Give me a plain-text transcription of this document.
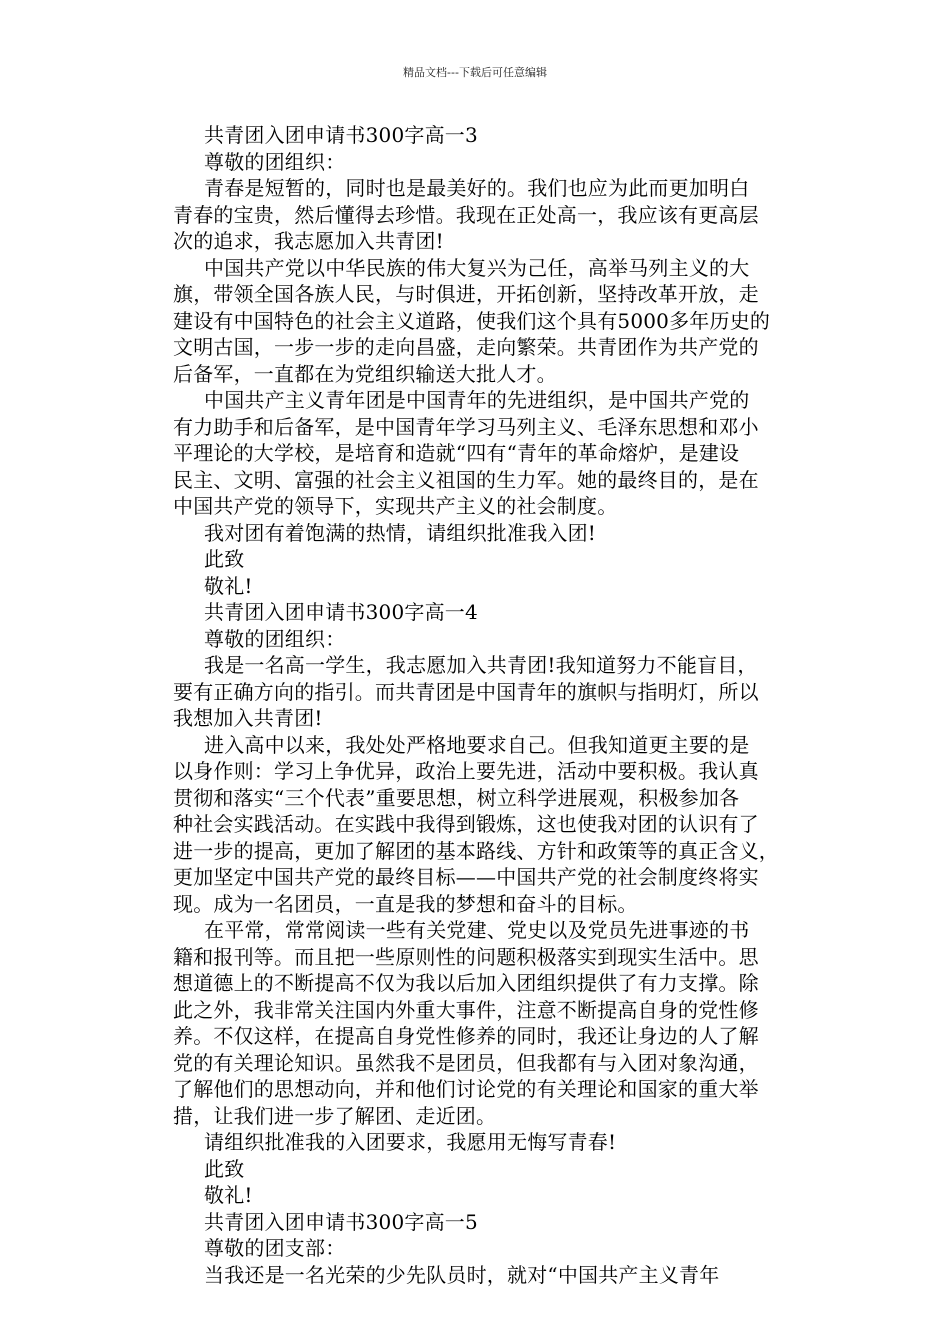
精品文档---下载后可任意编辑
共青团入团申请书300字高一3
尊敬的团组织：
青春是短暂的，同时也是最美好的。我们也应为此而更加明白
青春的宝贵，然后懂得去珍惜。我现在正处高一，我应该有更高层
次的追求，我志愿加入共青团!
中国共产党以中华民族的伟大复兴为己任，高举马列主义的大
旗，带领全国各族人民，与时俱进，开拓创新，坚持改革开放，走
建设有中国特色的社会主义道路，使我们这个具有5000多年历史的
文明古国，一步一步的走向昌盛，走向繁荣。共青团作为共产党的
后备军，一直都在为党组织输送大批人才。
中国共产主义青年团是中国青年的先进组织，是中国共产党的
有力助手和后备军，是中国青年学习马列主义、毛泽东思想和邓小
平理论的大学校，是培育和造就“四有“青年的革命熔炉，是建设
民主、文明、富强的社会主义祖国的生力军。她的最终目的，是在
中国共产党的领导下，实现共产主义的社会制度。
我对团有着饱满的热情，请组织批准我入团!
此致
敬礼!
共青团入团申请书300字高一4
尊敬的团组织：
我是一名高一学生，我志愿加入共青团!我知道努力不能盲目，
要有正确方向的指引。而共青团是中国青年的旗帜与指明灯，所以
我想加入共青团!
进入高中以来，我处处严格地要求自己。但我知道更主要的是
以身作则：学习上争优异，政治上要先进，活动中要积极。我认真
贯彻和落实“三个代表”重要思想，树立科学进展观，积极参加各
种社会实践活动。在实践中我得到锻炼，这也使我对团的认识有了
进一步的提高，更加了解团的基本路线、方针和政策等的真正含义，
更加坚定中国共产党的最终目标——中国共产党的社会制度终将实
现。成为一名团员，一直是我的梦想和奋斗的目标。
在平常，常常阅读一些有关党建、党史以及党员先进事迹的书
籍和报刊等。而且把一些原则性的问题积极落实到现实生活中。思
想道德上的不断提高不仅为我以后加入团组织提供了有力支撑。除
此之外，我非常关注国内外重大事件，注意不断提高自身的党性修
养。不仅这样，在提高自身党性修养的同时，我还让身边的人了解
党的有关理论知识。虽然我不是团员，但我都有与入团对象沟通，
了解他们的思想动向，并和他们讨论党的有关理论和国家的重大举
措，让我们进一步了解团、走近团。
请组织批准我的入团要求，我愿用无悔写青春!
此致
敬礼!
共青团入团申请书300字高一5
尊敬的团支部：
当我还是一名光荣的少先队员时，就对“中国共产主义青年
